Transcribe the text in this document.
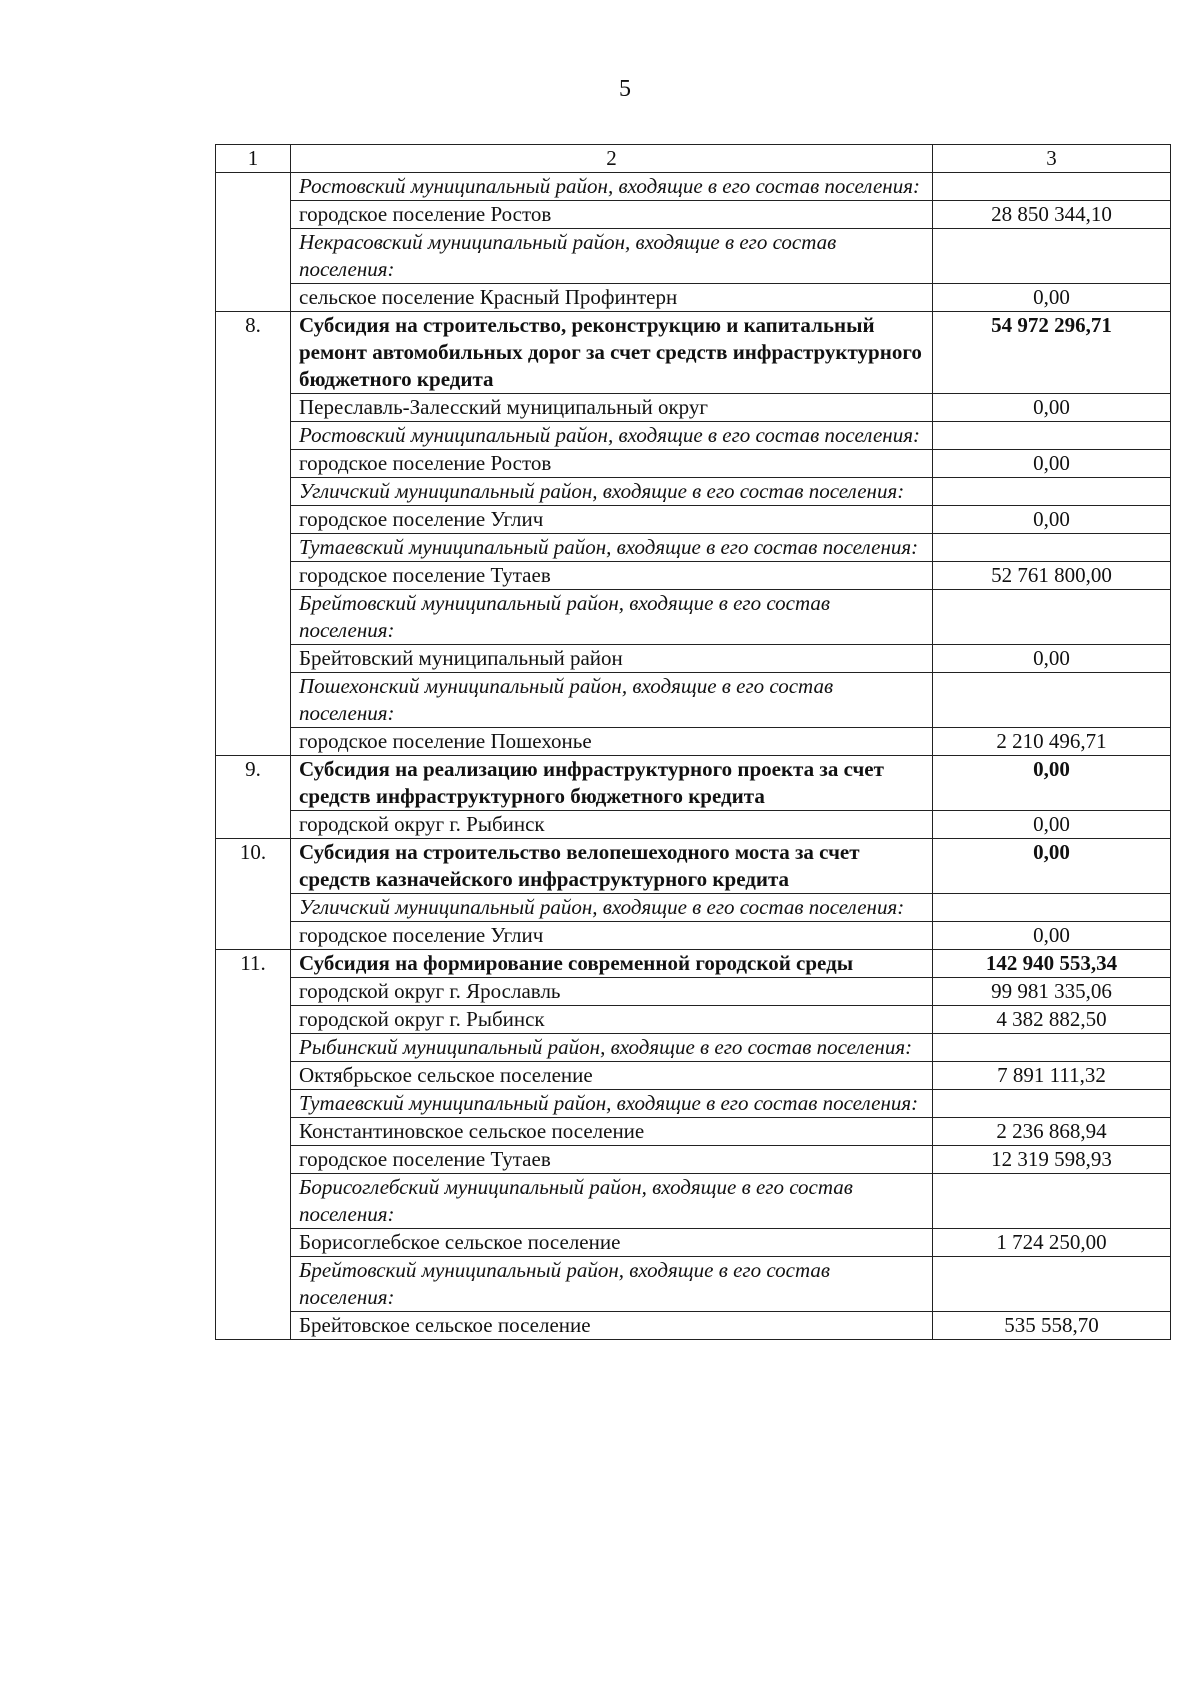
5
1	2	3
	Ростовский муниципальный район, входящие в его состав поселения:	
	городское поселение Ростов	28 850 344,10
	Некрасовский муниципальный район, входящие в его состав поселения:	
	сельское поселение Красный Профинтерн	0,00
8.	Субсидия на строительство, реконструкцию и капитальный ремонт автомобильных дорог за счет средств инфраструктурного бюджетного кредита	54 972 296,71
	Переславль-Залесский муниципальный округ	0,00
	Ростовский муниципальный район, входящие в его состав поселения:	
	городское поселение Ростов	0,00
	Угличский муниципальный район, входящие в его состав поселения:	
	городское поселение Углич	0,00
	Тутаевский муниципальный район, входящие в его состав поселения:	
	городское поселение Тутаев	52 761 800,00
	Брейтовский муниципальный район, входящие в его состав поселения:	
	Брейтовский муниципальный район	0,00
	Пошехонский муниципальный район, входящие в его состав поселения:	
	городское поселение Пошехонье	2 210 496,71
9.	Субсидия на реализацию инфраструктурного проекта за счет средств инфраструктурного бюджетного кредита	0,00
	городской округ г. Рыбинск	0,00
10.	Субсидия на строительство велопешеходного моста за счет средств казначейского инфраструктурного кредита	0,00
	Угличский муниципальный район, входящие в его состав поселения:	
	городское поселение Углич	0,00
11.	Субсидия на формирование современной городской среды	142 940 553,34
	городской округ г. Ярославль	99 981 335,06
	городской округ г. Рыбинск	4 382 882,50
	Рыбинский муниципальный район, входящие в его состав поселения:	
	Октябрьское сельское поселение	7 891 111,32
	Тутаевский муниципальный район, входящие в его состав поселения:	
	Константиновское сельское поселение	2 236 868,94
	городское поселение Тутаев	12 319 598,93
	Борисоглебский муниципальный район, входящие в его состав поселения:	
	Борисоглебское сельское поселение	1 724 250,00
	Брейтовский муниципальный район, входящие в его состав поселения:	
	Брейтовское сельское поселение	535 558,70
